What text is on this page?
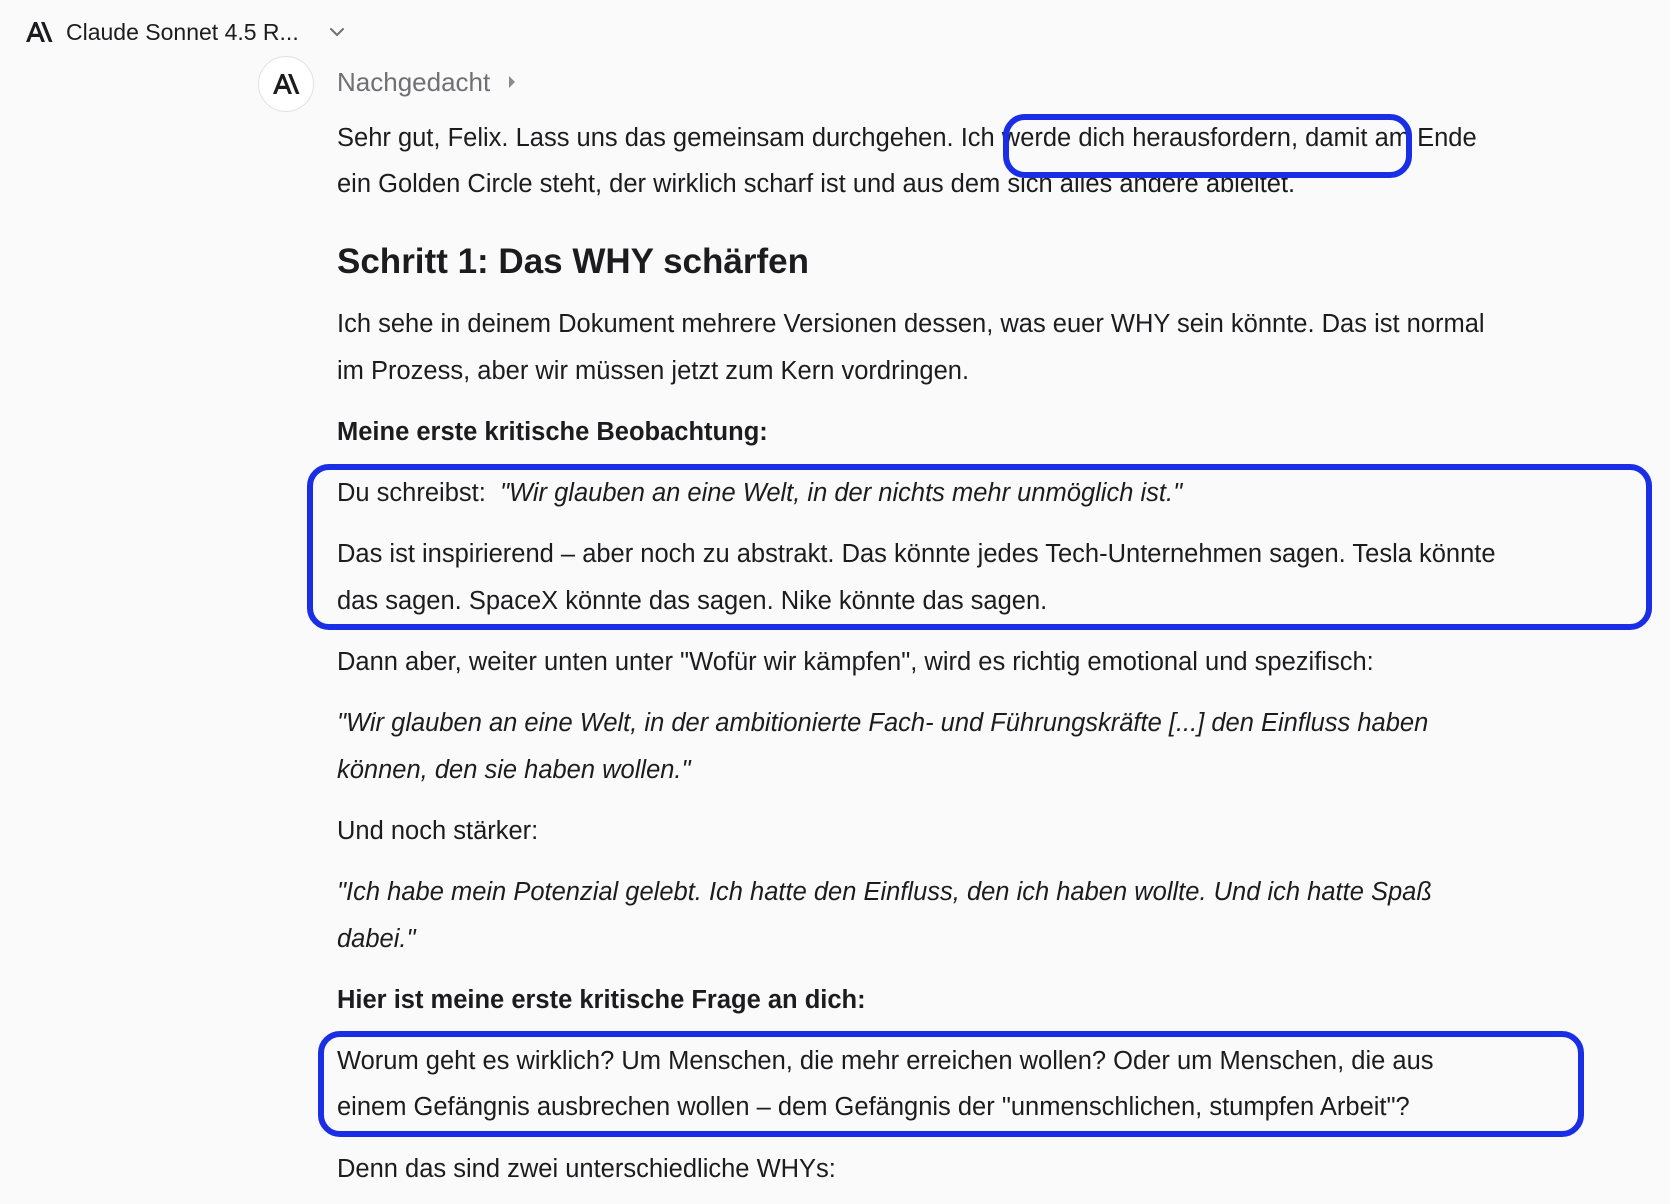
Claude Sonnet 4.5 R...
Nachgedacht
Sehr gut, Felix. Lass uns das gemeinsam durchgehen. Ich werde dich herausfordern, damit am Ende
ein Golden Circle steht, der wirklich scharf ist und aus dem sich alles andere ableitet.
Schritt 1: Das WHY schärfen
Ich sehe in deinem Dokument mehrere Versionen dessen, was euer WHY sein könnte. Das ist normal
im Prozess, aber wir müssen jetzt zum Kern vordringen.
Meine erste kritische Beobachtung:
Du schreibst: "Wir glauben an eine Welt, in der nichts mehr unmöglich ist."
Das ist inspirierend – aber noch zu abstrakt. Das könnte jedes Tech-Unternehmen sagen. Tesla könnte
das sagen. SpaceX könnte das sagen. Nike könnte das sagen.
Dann aber, weiter unten unter "Wofür wir kämpfen", wird es richtig emotional und spezifisch:
"Wir glauben an eine Welt, in der ambitionierte Fach- und Führungskräfte [...] den Einfluss haben
können, den sie haben wollen."
Und noch stärker:
"Ich habe mein Potenzial gelebt. Ich hatte den Einfluss, den ich haben wollte. Und ich hatte Spaß
dabei."
Hier ist meine erste kritische Frage an dich:
Worum geht es wirklich? Um Menschen, die mehr erreichen wollen? Oder um Menschen, die aus
einem Gefängnis ausbrechen wollen – dem Gefängnis der "unmenschlichen, stumpfen Arbeit"?
Denn das sind zwei unterschiedliche WHYs:
